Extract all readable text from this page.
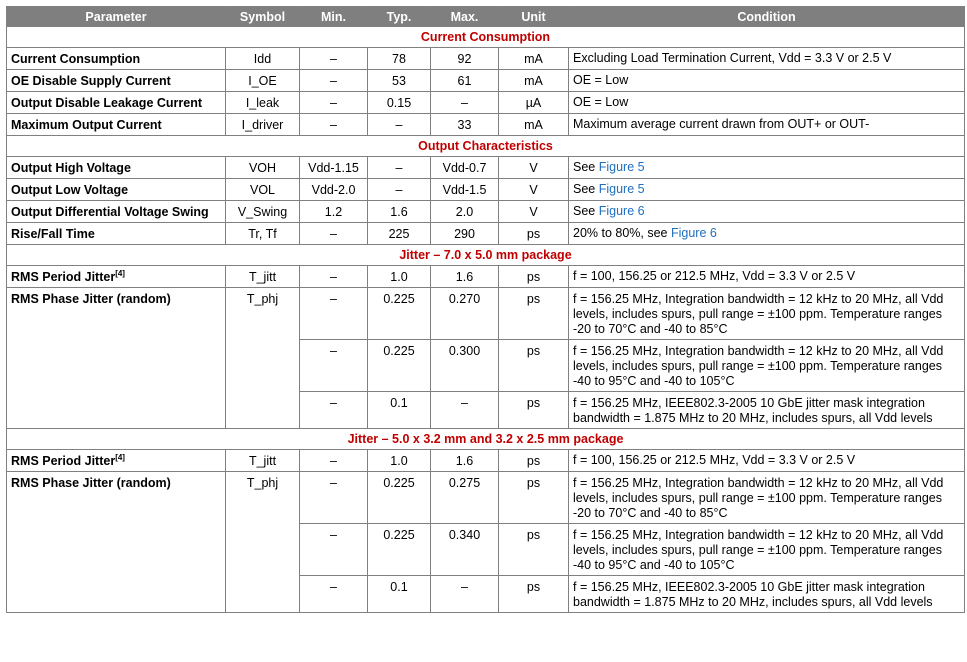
Parameter	Symbol	Min.	Typ.	Max.	Unit	Condition
Current Consumption						
Current Consumption	Idd	–	78	92	mA	Excluding Load Termination Current, Vdd = 3.3 V or 2.5 V
OE Disable Supply Current	I_OE	–	53	61	mA	OE = Low
Output Disable Leakage Current	I_leak	–	0.15	–	µA	OE = Low
Maximum Output Current	I_driver	–	–	33	mA	Maximum average current drawn from OUT+ or OUT-
Output Characteristics						
Output High Voltage	VOH	Vdd-1.15	–	Vdd-0.7	V	See Figure 5
Output Low Voltage	VOL	Vdd-2.0	–	Vdd-1.5	V	See Figure 5
Output Differential Voltage Swing	V_Swing	1.2	1.6	2.0	V	See Figure 6
Rise/Fall Time	Tr, Tf	–	225	290	ps	20% to 80%, see Figure 6
Jitter – 7.0 x 5.0 mm package						
RMS Period Jitter[4]	T_jitt	–	1.0	1.6	ps	f = 100, 156.25 or 212.5 MHz, Vdd = 3.3 V or 2.5 V
RMS Phase Jitter (random)	T_phj	–	0.225	0.270	ps	f = 156.25 MHz, Integration bandwidth = 12 kHz to 20 MHz, all Vdd levels, includes spurs, pull range = ±100 ppm. Temperature ranges -20 to 70°C and -40 to 85°C
		–	0.225	0.300	ps	f = 156.25 MHz, Integration bandwidth = 12 kHz to 20 MHz, all Vdd levels, includes spurs, pull range = ±100 ppm. Temperature ranges -40 to 95°C and -40 to 105°C
		–	0.1	–	ps	f = 156.25 MHz, IEEE802.3-2005 10 GbE jitter mask integration bandwidth = 1.875 MHz to 20 MHz, includes spurs, all Vdd levels
Jitter – 5.0 x 3.2 mm and 3.2 x 2.5 mm package						
RMS Period Jitter[4]	T_jitt	–	1.0	1.6	ps	f = 100, 156.25 or 212.5 MHz, Vdd = 3.3 V or 2.5 V
RMS Phase Jitter (random)	T_phj	–	0.225	0.275	ps	f = 156.25 MHz, Integration bandwidth = 12 kHz to 20 MHz, all Vdd levels, includes spurs, pull range = ±100 ppm. Temperature ranges -20 to 70°C and -40 to 85°C
		–	0.225	0.340	ps	f = 156.25 MHz, Integration bandwidth = 12 kHz to 20 MHz, all Vdd levels, includes spurs, pull range = ±100 ppm. Temperature ranges -40 to 95°C and -40 to 105°C
		–	0.1	–	ps	f = 156.25 MHz, IEEE802.3-2005 10 GbE jitter mask integration bandwidth = 1.875 MHz to 20 MHz, includes spurs, all Vdd levels
